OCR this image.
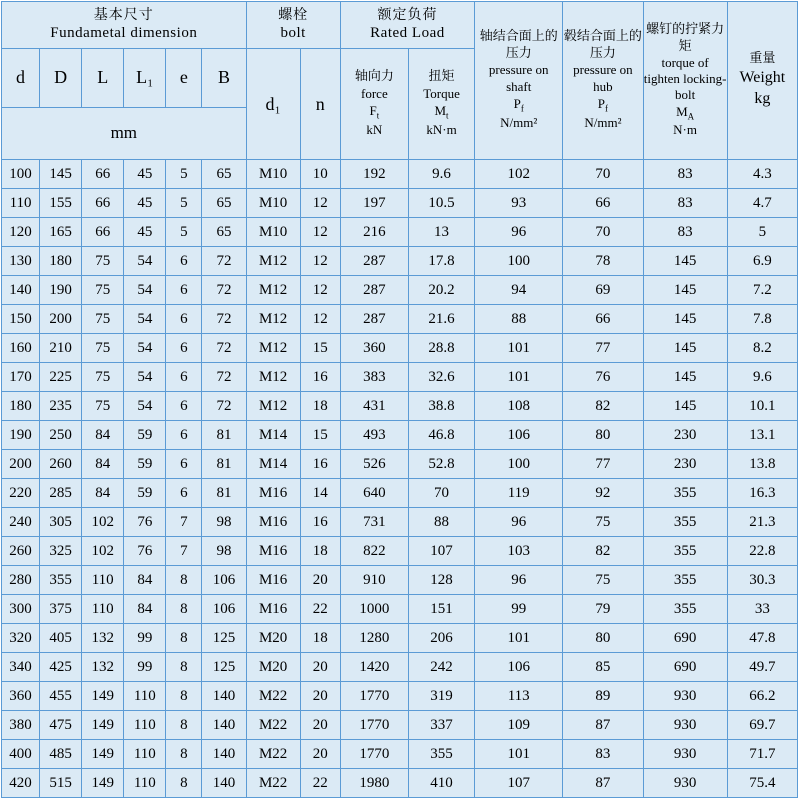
基本尺寸
Fundametal dimension						螺栓
bolt		额定负荷
Rated Load		轴结合面上的压力
pressure on shaft
$P_f$
N/mm²	毂结合面上的压力
pressure on hub
$P_f$
N/mm²	螺钉的拧紧力矩
torque of tighten locking-bolt
$M_A$
N·m	重量
Weight
kg

d	D	L	L₁	e	B	d₁	n	轴向力
force
$F_t$
kN	扭矩
Torque
$M_t$
kN·m				

mm													
100	145	66	45	5	65	M10	10	192	9.6	102	70	83	4.3
110	155	66	45	5	65	M10	12	197	10.5	93	66	83	4.7
120	165	66	45	5	65	M10	12	216	13	96	70	83	5
130	180	75	54	6	72	M12	12	287	17.8	100	78	145	6.9
140	190	75	54	6	72	M12	12	287	20.2	94	69	145	7.2
150	200	75	54	6	72	M12	12	287	21.6	88	66	145	7.8
160	210	75	54	6	72	M12	15	360	28.8	101	77	145	8.2
170	225	75	54	6	72	M12	16	383	32.6	101	76	145	9.6
180	235	75	54	6	72	M12	18	431	38.8	108	82	145	10.1
190	250	84	59	6	81	M14	15	493	46.8	106	80	230	13.1
200	260	84	59	6	81	M14	16	526	52.8	100	77	230	13.8
220	285	84	59	6	81	M16	14	640	70	119	92	355	16.3
240	305	102	76	7	98	M16	16	731	88	96	75	355	21.3
260	325	102	76	7	98	M16	18	822	107	103	82	355	22.8
280	355	110	84	8	106	M16	20	910	128	96	75	355	30.3
300	375	110	84	8	106	M16	22	1000	151	99	79	355	33
320	405	132	99	8	125	M20	18	1280	206	101	80	690	47.8
340	425	132	99	8	125	M20	20	1420	242	106	85	690	49.7
360	455	149	110	8	140	M22	20	1770	319	113	89	930	66.2
380	475	149	110	8	140	M22	20	1770	337	109	87	930	69.7
400	485	149	110	8	140	M22	20	1770	355	101	83	930	71.7
420	515	149	110	8	140	M22	22	1980	410	107	87	930	75.4
